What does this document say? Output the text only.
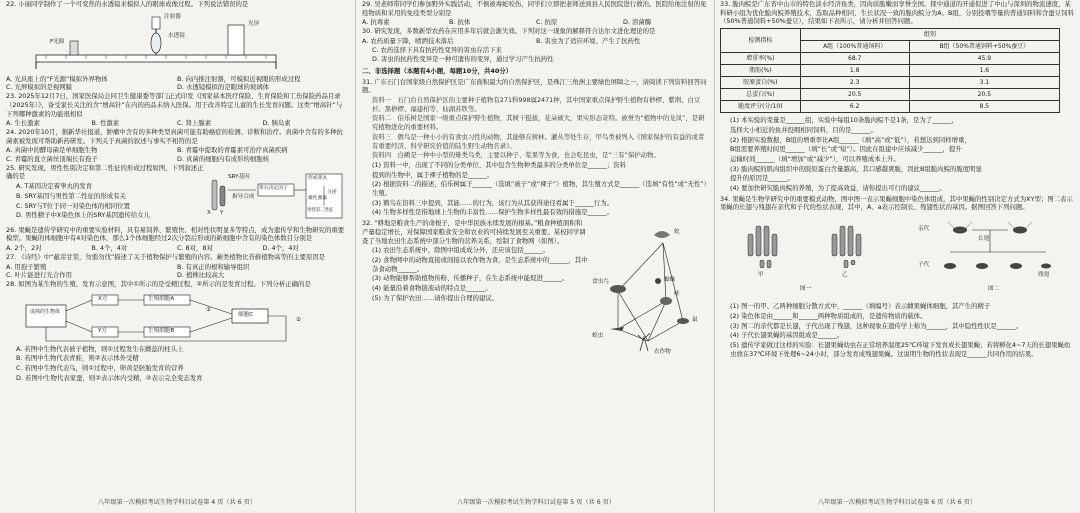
22. 小丽同学制作了一个可变焦的水透镜来模拟人的眼球成像过程。下列说法错误的是
F光源
水透镜
光屏
注射器
A. 光具座上的“F光源”模拟外界物体	B. 向内推注射器，可模拟近视眼的形成过程
C. 光屏模拟的是视网膜	D. 水透镜模拟的是眼球的玻璃体
23. 2025年12月7日，国家医保局会同卫生健康委等部门正式印发《国家基本医疗保险、生育保险和工伤保险药品目录（2025年）》，备受家长关注的含“增高针”在内的药品未纳入医保。用于改善特定儿童的生长发育问题。这类“增高针”与下列哪种激素的功能很相似
A. 生长激素	B. 性激素	C. 肾上腺素	D. 胰岛素
24. 2020年10月，据新华社报道，肿瘤中含有的多种类型真菌可能有助癌症的检测、诊断和治疗。真菌中含有的多种抗菌素被发现可帮助新药研发。下列关于真菌的叙述与事实不相符的是
A. 真菌中的酵母菌是单细胞生物	B. 青霉中提取的青霉素可治疗真菌疾病
C. 青霉的直立菌丝顶端长有孢子	D. 真菌的细胞内有成形的细胞核
25. 研究发现，男性性别决定和第二性征的形成过程如图，下列叙述正确的是
A. T基因决定着睾丸的发育
B. SRY基因与男性第二性征的形成有关
C. SRY与T位于同一对染色体的相同位置
D. 男性精子中X染色体上的SRY基因遗传给女儿
SRY基因
指导合成
睾丸决定因子
形成睾丸
分泌
雄性激素
男性第二性征
X Y
26. 果蝇是遗传学研究中的重要实验材料，具有易饲养、繁殖快、相对性状明显多等特点，成为遗传学和生物研究的重要模型。果蝇的体细胞中有4对染色体，那么1个体细胞经过2次分裂后形成的新细胞中含有的染色体数目分别是
A. 2个，2对	B. 4个，4对	C. 8对，8对	D. 4个，4对
27. 《诗经》中“蔽芾甘棠，勿翦勿伐”描述了关于植物保护与繁殖的内容。蕨类植物比苔藓植物高等的主要原因是
A. 用孢子繁殖	B. 有真正的根和输导组织
C. 叶片能进行光合作用	D. 植株比较高大
28. 如图为某生物的生殖、发育示意图，其中①所示的是受精过程，②所示的是发育过程。下列分析正确的是
①
②
成熟的生物体
X方
Y方
生殖细胞A
生殖细胞B
细胞C
A. 若图中生物代表被子植物，则①过程发生在雌蕊的柱头上
B. 若图中生物代表青蛙，则②表示体外受精
C. 若图中生物代表鸟，则①过程中，卵黄是胚胎发育的营养
D. 若图中生物代表家蚕，则②表示体内受精，②表示完全变态发育
八年级第一次模拟考试生物学科目试卷第 4 页（共 6 页）
29. 吴老师带同学们参加野外实践活动，不慎被毒蛇咬伤，同学们立即把老师送到县人民医院进行救治。医院给他注射的免疫物质和采用的免疫类型分别是
A. 抗毒素	B. 抗体	C. 抗原	D. 溶菌酶
30. 研究发现，多数新型农药在应用多年后就会渐失效。下列对这一现象的解释符合达尔文进化理论的是
A. 农药质量下降，喷洒技术落后	B. 害虫为了适应环境、产生了抗药性
C. 农药选择下具有抗药性变异的害虫存活下来
D. 害虫的抗药性变异是一种可遗传的变异，通过学习产生抗药性
二、非选择题（本题有4小题，每题10分，共40分）
31. 广东石门台国家级自然保护区是广东面积最大的自然保护区，是珠江三角洲主要绿色屏障之一，请阅读下列资料回答问题。
资料一　石门台自然保护区的主要种子植物有271科998属2471种，其中国家重点保护野生植物有桫椤、紫荆、白豆杉、黑桫椤、福建柏等，仙湖苏铁等。
资料二　伯乐树是国家一级重点保护野生植物，其树干挺拔，花朵硕大，果实形态奇特。被誉为“植物中的龙凤”，是研究植物进化的重要材料。
资料三　鹩鸟是一种小小的有食虫习性的动物，其能够在树林、灌丛等处生存，甲鸟类被列入《国家保护的有益的或者有重要经济、科学研究价值的陆生野生动物名录》。
资料四　白鹇是一种中小型的雉类鸟类，主要以种子、浆果等为食，也会吃昆虫，是“三有”保护动物。
(1) 资料一中，出现了不同的分类单位，其中包含生物种类最多的分类单位是______；资料
提到的生物中，属于裸子植物的是______。
(2) 根据资料二的描述，伯乐树属于______（选填“被子”或“裸子”）植物，其生殖方式是______（选填“有性”或“无性”）生殖。
(3) 鹩鸟在资料三中提到，其能……的行为，该行为从其获得途径看属于______行为。
(4) 生物多样性是指地球上生物的丰富性……保护生物多样性最有效的措施是______。
32. “耕地是粮食生产的命根子，是中华民族永续发展的根基。”粮食种植面积和产量稳定增长，对保障国家粮食安全和农业的可持续发展至关重要。某校同学调查了当地农田生态系统中部分生物的营养关系，绘制了食物网（如图）。
(1) 农田生态系统中，除图中组成成分外，还应该包括______。
(2) 食物网中的动物直接或间接以农作物为食，是生态系统中的______，其中杂食动物______。
(3) 动物能够帮助植物传粉、传播种子，在生态系统中能促进______。
(4) 能量沿着食物链流动的特点是______。
(5) 为了保护农田……请你提出合理的建议。
蛇
食虫鸟
蛙
蜘蛛
鼠
蝗虫
农作物
八年级第一次模拟考试生物学科目试卷第 5 页（共 6 页）
33. 脆肉鲩是广东省中山市的特色淡水经济鱼类，因肉质脆嫩而享誉全国。探中通道的开通促进了中山与深圳的物流速度，某科研小组为优化脆肉鲩养殖技术，选取品种相同、生长状况一致的脆肉鲩分为A、B组，分别投喂等量的普通饲料和含蚕豆饲料（50%普通饲料+50%蚕豆），结果如下表所示，请分析并回答问题。
检测指标	组别	
	A组（100%普通饲料）	B组（50%普通饲料+50%蚕豆）
增重率(%)	68.7	45.9
脂肪(%)	1.8	1.6
胶原蛋白(%)	2.3	3.1
总蛋白(%)	20.5	20.5
脆度评分(分/10)	6.2	8.5
(1) 本实验的变量是______组，实验中每组10条脆肉鲩不是1条，是为了______，
选择大小相近的鱼并投喂相同饲料，目的是______。
(2) 根据实验数据，B组的增重率比A组______（填“高”或“低”），若想达到同样增重，
B组需要养殖时间更______（填“长”或“短”）。因此在组建中应该减少______，提升
运输时间______（填“增加”或“减少”），可以养殖成本上升。
(3) 脆肉鲩的肌肉组织中的胶原蛋白含量越高，其口感越爽脆，因此B组脆肉鲩的脆度明显
提升的原因是______。
(4) 要加快研究脆肉鲩的养殖，为了提高效益，请你提出可行的建议______。
34. 果蝇是生物学研究中的重要模式动物，图中图一表示果蝇细胞中染色体组成，其中果蝇的性别决定方式为XY型；图二表示果蝇的长翅与残翅在亲代和子代的性状表现，其中，A、a表示控制长、残翅性状的基因。据图回答下列问题。
甲	乙
图一	图二
亲代
子代
长翅
残翅
(1) 图一的甲、乙两种细胞分散方式中，______（填编号）表示雌果蝇体细胞，其产生的精子
(2) 染色体是由______和______两种物质组成的，是遗传物质的载体。
(3) 图二的亲代都是长翅，子代出现了残翅，这种现象在遗传学上称为______，其中隐性性状是______。
(4) 子代长翅果蝇的基因组成是______。
(5) 遗传学家做过这样的实验：长翅果蝇幼虫在正常培养温度25℃环境下发育成长翅果蝇；若将孵化4~7天的长翅果蝇幼虫放在37℃环境下处理6~24小时，部分发育成残翅果蝇。这说明生物的性状表现是______共同作用的结果。
八年级第一次模拟考试生物学科目试卷第 6 页（共 6 页）
